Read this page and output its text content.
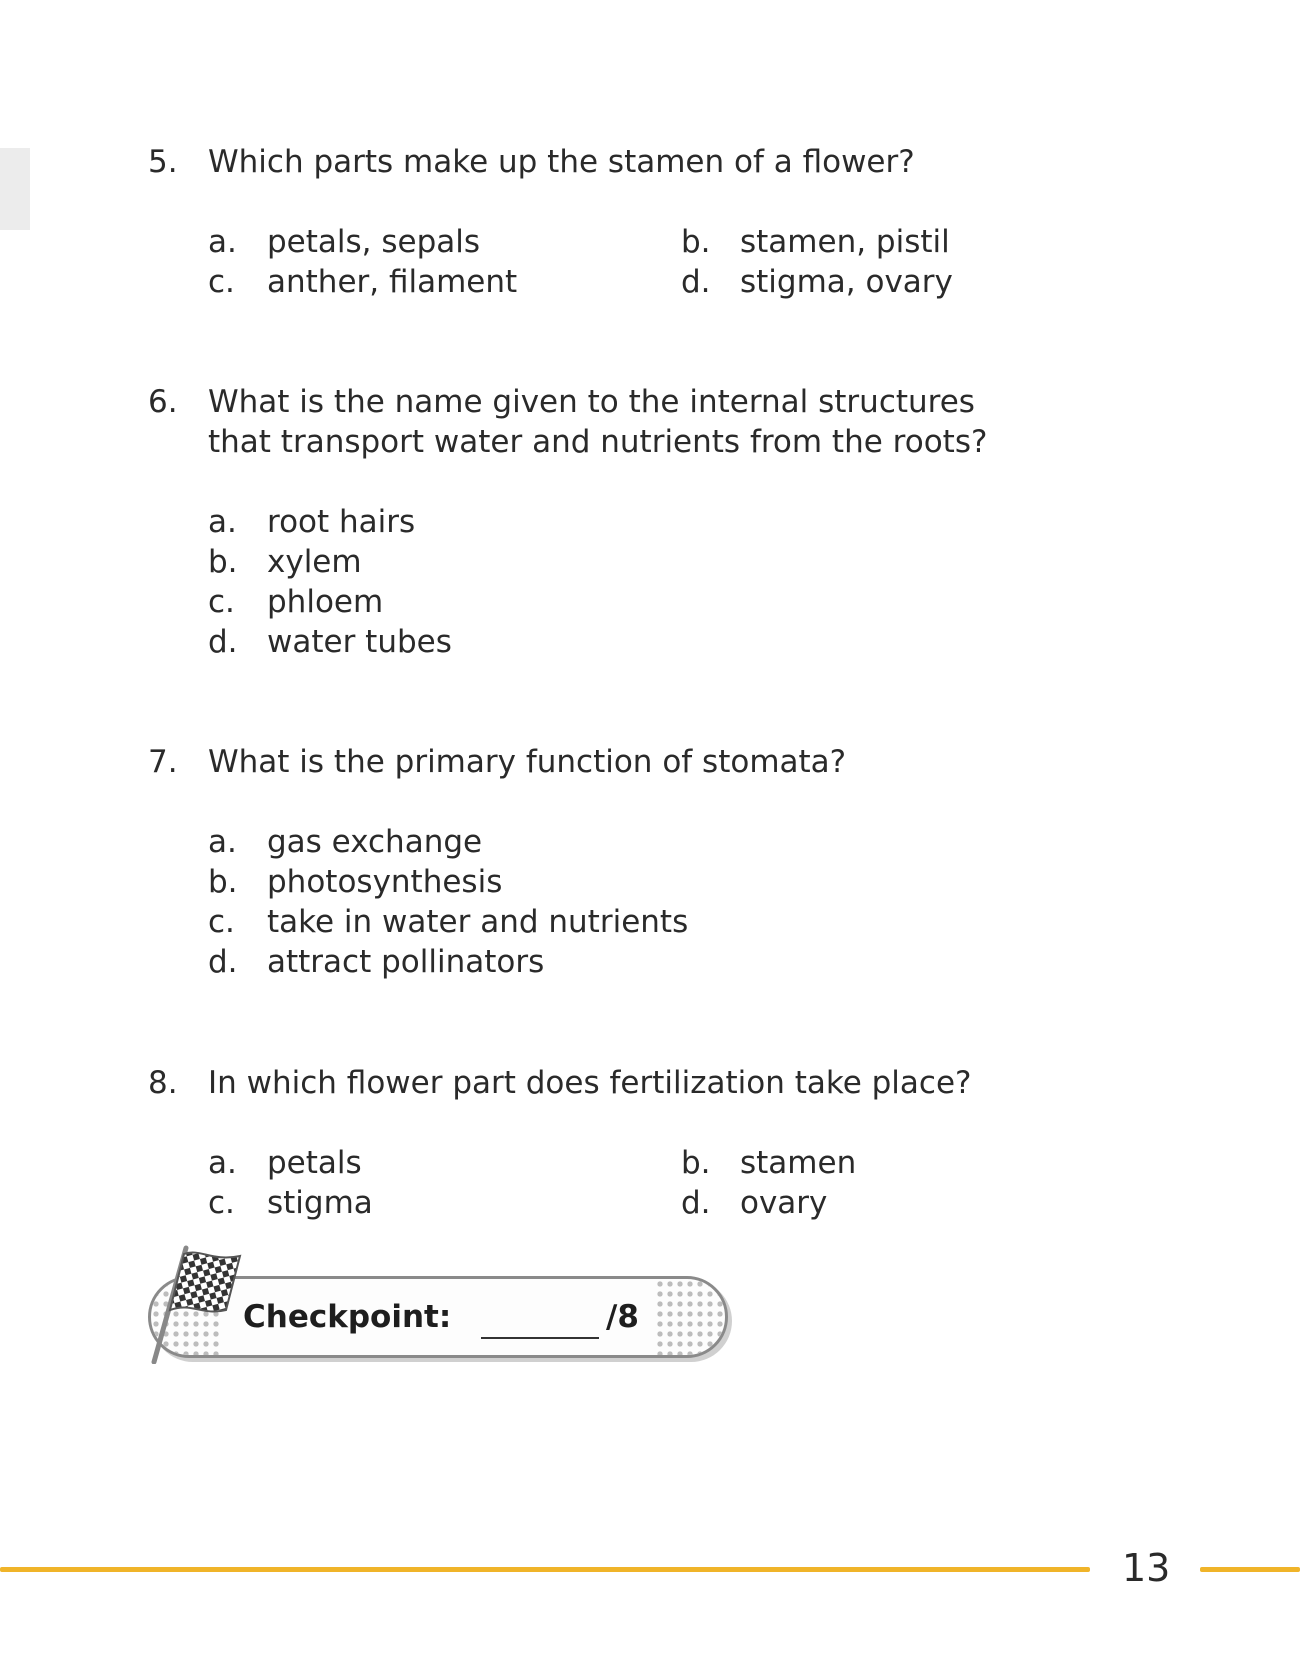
5. Which parts make up the stamen of a flower?
a. petals, sepals	b. stamen, pistil
c.	anther, filament	d. stigma, ovary
6. What is the name given to the internal structures that transport water and nutrients from the roots?
a. root hairs
b. xylem
c.	phloem
d. water tubes
7. What is the primary function of stomata?
a. gas exchange
b. photosynthesis
c.	take in water and nutrients
d. attract pollinators
8. In which flower part does fertilization take place?
a. petals	b. stamen
c.	stigma	d. ovary
Checkpoint:	/8
13
